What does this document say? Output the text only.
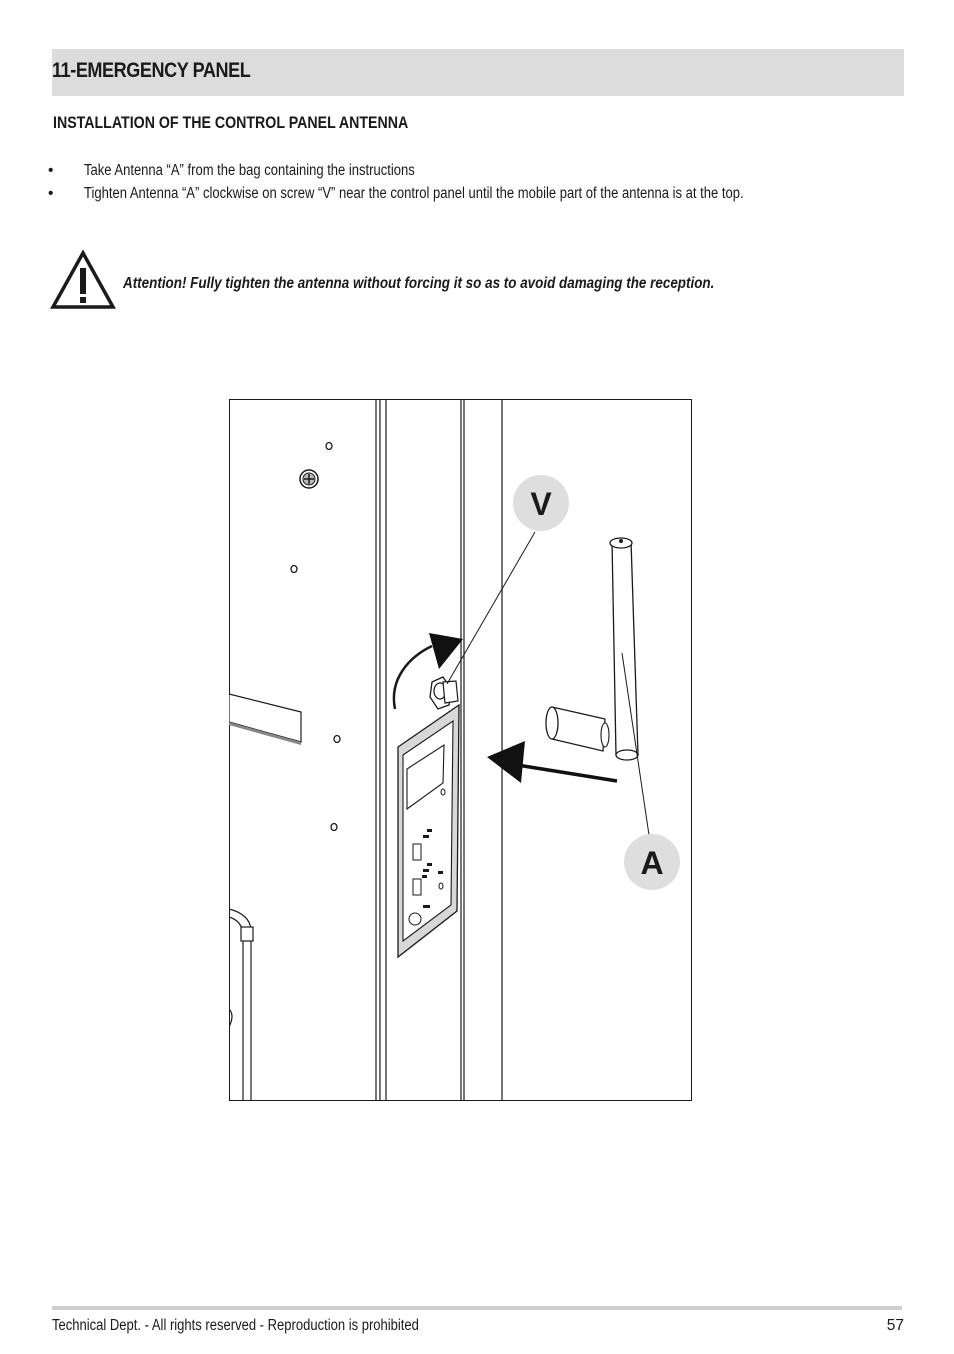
11-EMERGENCY PANEL
INSTALLATION OF THE CONTROL PANEL ANTENNA
• Take Antenna “A” from the bag containing the instructions
• Tighten Antenna “A” clockwise on screw “V” near the control panel until the mobile part of the antenna is at the top.
Attention! Fully tighten the antenna without forcing it so as to avoid damaging the reception.
V
A
Technical Dept. - All rights reserved - Reproduction is prohibited	57
